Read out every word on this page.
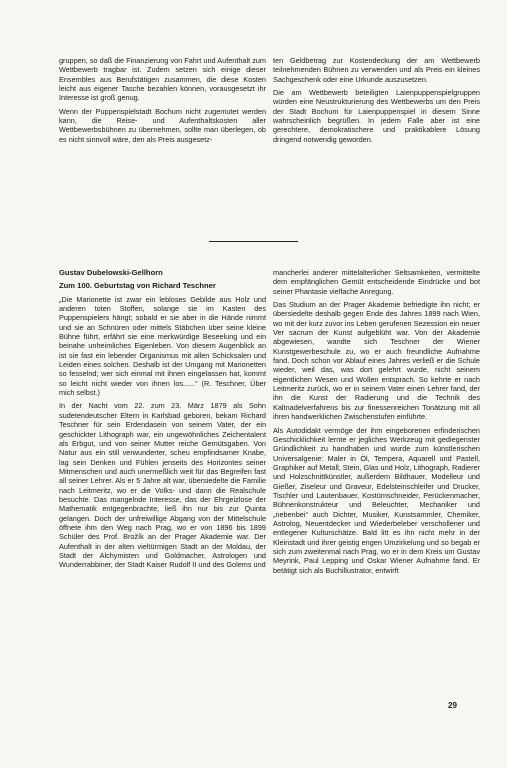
gruppen, so daß die Finanzierung von Fahrt und Aufenthalt zum Wettbewerb tragbar ist. Zudem setzen sich einige dieser Ensembles aus Berufstätigen zusammen, die diese Kosten leicht aus eigener Tasche bezahlen können, vorausgesetzt ihr Interesse ist groß genug.

Wenn der Puppenspielstadt Bochum nicht zugemutet werden kann, die Reise- und Aufenthaltskosten aller Wettbewerbsbühnen zu übernehmen, sollte man überlegen, ob es nicht sinnvoll wäre, den als Preis ausgesetz-

ten Geldbetrag zur Kostendeckung der am Wettbewerb teilnehmenden Bühnen zu verwenden und als Preis ein kleines Sachgeschenk oder eine Urkunde auszusetzen.

Die am Wettbewerb beteiligten Laienpuppenspielgruppen würden eine Neustrukturierung des Wettbewerbs um den Preis der Stadt Bochum für Laienpuppenspiel in diesem Sinne wahrscheinlich begrüßen. In jedem Falle aber ist eine gerechtere, demokratischere und praktikablere Lösung dringend notwendig geworden.

Gustav Dubelowski-Gellhorn

Zum 100. Geburtstag von Richard Teschner

„Die Marionette ist zwar ein lebloses Gebilde aus Holz und anderen toten Stoffen, solange sie im Kasten des Puppenspielers hängt; sobald er sie aber in die Hände nimmt und sie an Schnüren oder mittels Stäbchen über seine kleine Bühne führt, erfährt sie eine merkwürdige Beseelung und ein beinahe unheimliches Eigenleben. Von diesem Augenblick an ist sie fast ein lebender Organismus mit allen Schicksalen und Leiden eines solchen. Deshalb ist der Umgang mit Marionetten so fesselnd; wer sich einmal mit ihnen eingelassen hat, kommt so leicht nicht wieder von ihnen los......“ (R. Teschner, Über mich selbst.)

In der Nacht vom 22. zum 23. März 1879 als Sohn sudetendeutscher Eltern in Karlsbad geboren, bekam Richard Teschner für sein Erdendasein von seinem Vater, der ein geschickter Lithograph war, ein ungewöhnliches Zeichentalent als Erbgut, und von seiner Mutter reiche Gemütsgaben. Von Natur aus ein still verwunderter, scheu empfindsamer Knabe, lag sein Denken und Fühlen jenseits des Horizontes seiner Mitmenschen und auch unermeßlich weit für das Begreifen fast all seiner Lehrer. Als er 5 Jahre alt war, übersiedelte die Familie nach Leitmeritz, wo er die Volks- und dann die Realschule besuchte. Das mangelnde Interesse, das der Ehrgeizlose der Mathematik entgegenbrachte, ließ ihn nur bis zur Quinta gelangen. Doch der unfreiwillige Abgang von der Mittelschule öffnete ihm den Weg nach Prag, wo er von 1896 bis 1899 Schüler des Prof. Brožík an der Prager Akademie war. Der Aufenthalt in der alten vieltürmigen Stadt an der Moldau, der Stadt der Alchymisten und Goldmacher, Astrologen und Wunderrabbiner, der Stadt Kaiser Rudolf II und des Golems und

mancherlei anderer mittelalterlicher Seltsamkeiten, vermittelte dem empfänglichen Gemüt entscheidende Eindrücke und bot seiner Phantasie vielfache Anregung.

Das Studium an der Prager Akademie befriedigte ihn nicht; er übersiedelte deshalb gegen Ende des Jahres 1899 nach Wien, wo mit der kurz zuvor ins Leben gerufenen Sezession ein neuer Ver sacrum der Kunst aufgeblüht war. Von der Akademie abgewiesen, wandte sich Teschner der Wiener Kunstgewerbeschule zu, wo er auch freundliche Aufnahme fand. Doch schon vor Ablauf eines Jahres verließ er die Schule wieder, weil das, was dort gelehrt wurde, nicht seinem eigentlichen Wesen und Wollen entsprach. So kehrte er nach Leitmeritz zurück, wo er in seinem Vater einen Lehrer fand, der ihn die Kunst der Radierung und die Technik des Kaltnadelverfahrens bis zur finessenreichen Tonätzung mit all ihren handwerklichen Zwischenstufen einführte.

Als Autodidakt vermöge der ihm eingeborenen erfinderischen Geschicklichkeit lernte er jegliches Werkzeug mit gediegenster Gründlichkeit zu handhaben und wurde zum künstlerischen Universalgenie: Maler in Öl, Tempera, Aquarell und Pastell, Graphiker auf Metall, Stein, Glas und Holz, Lithograph, Radierer und Holzschnittkünstler, außerdem Bildhauer, Modelleur und Gießer, Ziseleur und Graveur, Edelsteinschleifer und Drucker, Tischler und Lautenbauer, Kostümschneider, Perückenmacher, Bühnenkonstrukteur und Beleuchter, Mechaniker und „nebenbei“ auch Dichter, Musiker, Kunstsammler, Chemiker, Astrolog, Neuentdecker und Wiederbeleber verschollener und entlegener Kulturschätze. Bald litt es ihn nicht mehr in der Kleinstadt und ihrer geistig engen Umzirkelung und so begab er sich zum zweitenmal nach Prag, wo er in dem Kreis um Gustav Meyrink, Paul Lepping und Oskar Wiener Aufnahme fand. Er betätigt sich als Buchillustrator, entwirft

29
